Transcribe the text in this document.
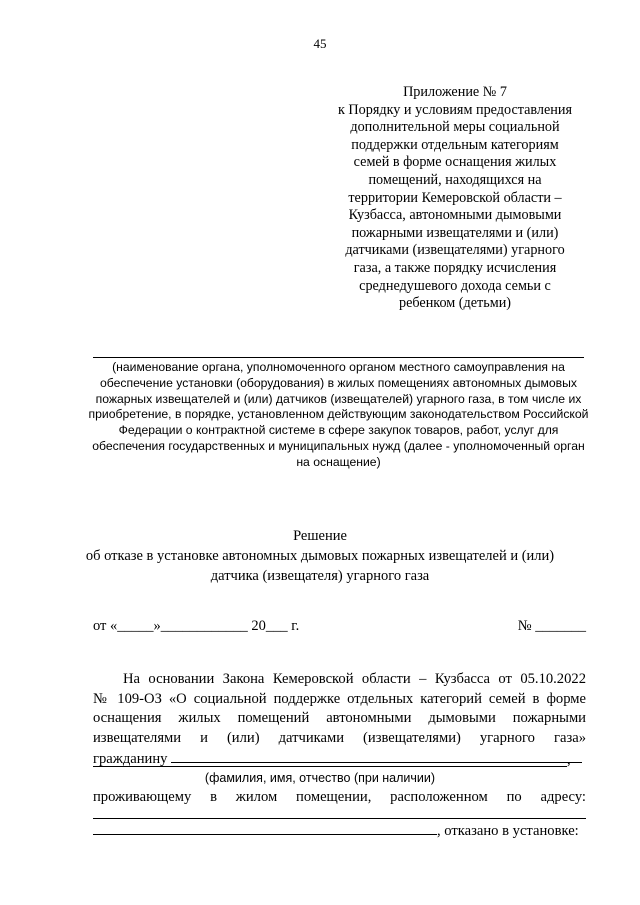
45
Приложение № 7
к Порядку и условиям предоставления
дополнительной меры социальной
поддержки отдельным категориям
семей в форме оснащения жилых
помещений, находящихся на
территории Кемеровской области –
Кузбасса, автономными дымовыми
пожарными извещателями и (или)
датчиками (извещателями) угарного
газа, а также порядку исчисления
среднедушевого дохода семьи с
ребенком (детьми)
(наименование органа, уполномоченного органом местного самоуправления на
обеспечение установки (оборудования) в жилых помещениях автономных дымовых
пожарных извещателей и (или) датчиков (извещателей) угарного газа, в том числе их
приобретение, в порядке, установленном действующим законодательством Российской
Федерации о контрактной системе в сфере закупок товаров, работ, услуг для
обеспечения государственных и муниципальных нужд (далее - уполномоченный орган
на оснащение)
Решение
об отказе в установке автономных дымовых пожарных извещателей и (или)
датчика (извещателя) угарного газа
от «_____»____________ 20___ г.	№ _______
На основании Закона Кемеровской области – Кузбасса от 05.10.2022
№ 109-ОЗ «О социальной поддержке отдельных категорий семей в форме
оснащения жилых помещений автономными дымовыми пожарными
извещателями и (или) датчиками (извещателями) угарного газа»
гражданину	,
(фамилия, имя, отчество (при наличии)
проживающему в жилом помещении, расположенном по адресу:
, отказано в установке:
